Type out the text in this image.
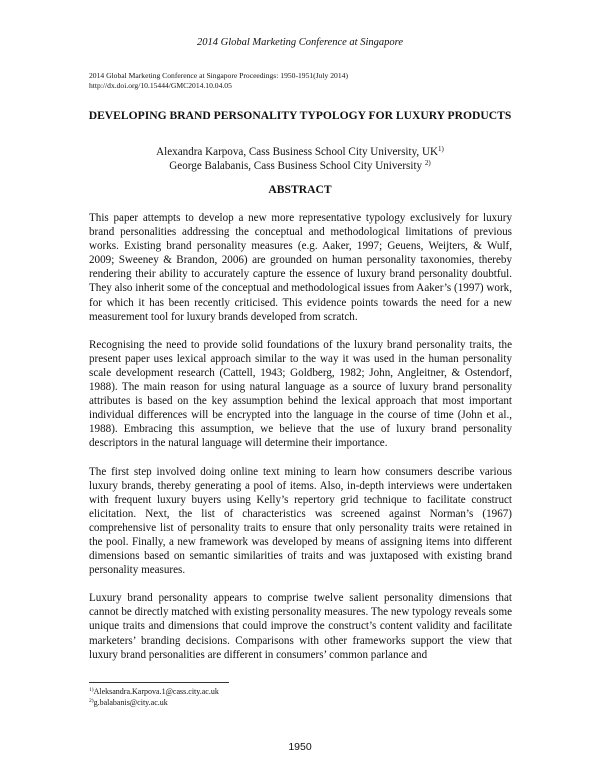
2014 Global Marketing Conference at Singapore
2014 Global Marketing Conference at Singapore Proceedings: 1950-1951(July 2014)
http://dx.doi.org/10.15444/GMC2014.10.04.05
DEVELOPING BRAND PERSONALITY TYPOLOGY FOR LUXURY PRODUCTS
Alexandra Karpova, Cass Business School City University, UK$^{1)}$
George Balabanis, Cass Business School City University $^{2)}$
ABSTRACT

This paper attempts to develop a new more representative typology exclusively for luxury brand personalities addressing the conceptual and methodological limitations of previous works. Existing brand personality measures (e.g. Aaker, 1997; Geuens, Weijters, & Wulf, 2009; Sweeney & Brandon, 2006) are grounded on human personality taxonomies, thereby rendering their ability to accurately capture the essence of luxury brand personality doubtful. They also inherit some of the conceptual and methodological issues from Aaker’s (1997) work, for which it has been recently criticised. This evidence points towards the need for a new measurement tool for luxury brands developed from scratch.

Recognising the need to provide solid foundations of the luxury brand personality traits, the present paper uses lexical approach similar to the way it was used in the human personality scale development research (Cattell, 1943; Goldberg, 1982; John, Angleitner, & Ostendorf, 1988). The main reason for using natural language as a source of luxury brand personality attributes is based on the key assumption behind the lexical approach that most important individual differences will be encrypted into the language in the course of time (John et al., 1988). Embracing this assumption, we believe that the use of luxury brand personality descriptors in the natural language will determine their importance.

The first step involved doing online text mining to learn how consumers describe various luxury brands, thereby generating a pool of items. Also, in-depth interviews were undertaken with frequent luxury buyers using Kelly’s repertory grid technique to facilitate construct elicitation. Next, the list of characteristics was screened against Norman’s (1967) comprehensive list of personality traits to ensure that only personality traits were retained in the pool. Finally, a new framework was developed by means of assigning items into different dimensions based on semantic similarities of traits and was juxtaposed with existing brand personality measures.

Luxury brand personality appears to comprise twelve salient personality dimensions that cannot be directly matched with existing personality measures. The new typology reveals some unique traits and dimensions that could improve the construct’s content validity and facilitate marketers’ branding decisions. Comparisons with other frameworks support the view that luxury brand personalities are different in consumers’ common parlance and

$^{1)}$Aleksandra.Karpova.1@cass.city.ac.uk
$^{2)}$g.balabanis@city.ac.uk
1950
